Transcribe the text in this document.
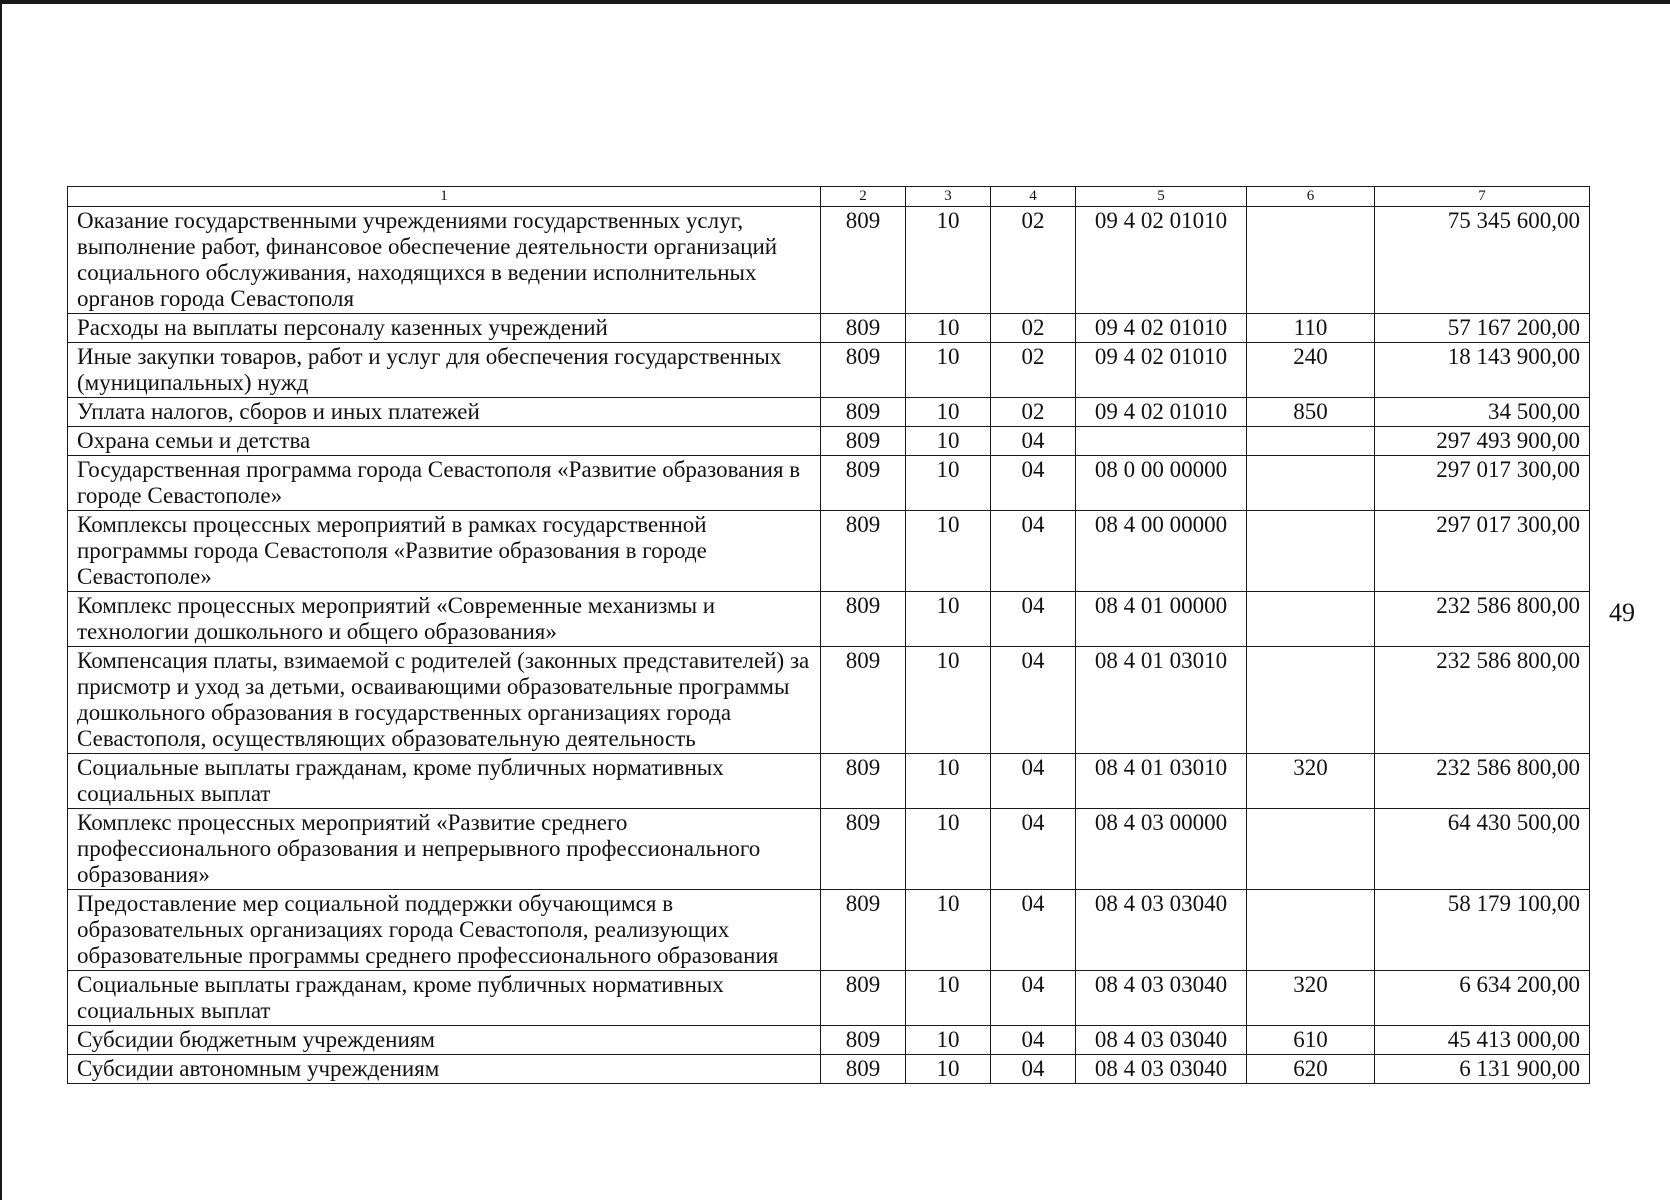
49
1	2	3	4	5	6	7
Оказание государственными учреждениями государственных услуг, выполнение работ, финансовое обеспечение деятельности организаций социального обслуживания, находящихся в ведении исполнительных органов города Севастополя	809	10	02	09 4 02 01010		75 345 600,00
Расходы на выплаты персоналу казенных учреждений	809	10	02	09 4 02 01010	110	57 167 200,00
Иные закупки товаров, работ и услуг для обеспечения государственных (муниципальных) нужд	809	10	02	09 4 02 01010	240	18 143 900,00
Уплата налогов, сборов и иных платежей	809	10	02	09 4 02 01010	850	34 500,00
Охрана семьи и детства	809	10	04			297 493 900,00
Государственная программа города Севастополя «Развитие образования в городе Севастополе»	809	10	04	08 0 00 00000		297 017 300,00
Комплексы процессных мероприятий в рамках государственной программы города Севастополя «Развитие образования в городе Севастополе»	809	10	04	08 4 00 00000		297 017 300,00
Комплекс процессных мероприятий «Современные механизмы и технологии дошкольного и общего образования»	809	10	04	08 4 01 00000		232 586 800,00
Компенсация платы, взимаемой с родителей (законных представителей) за присмотр и уход за детьми, осваивающими образовательные программы дошкольного образования в государственных организациях города Севастополя, осуществляющих образовательную деятельность	809	10	04	08 4 01 03010		232 586 800,00
Социальные выплаты гражданам, кроме публичных нормативных социальных выплат	809	10	04	08 4 01 03010	320	232 586 800,00
Комплекс процессных мероприятий «Развитие среднего профессионального образования и непрерывного профессионального образования»	809	10	04	08 4 03 00000		64 430 500,00
Предоставление мер социальной поддержки обучающимся в образовательных организациях города Севастополя, реализующих образовательные программы среднего профессионального образования	809	10	04	08 4 03 03040		58 179 100,00
Социальные выплаты гражданам, кроме публичных нормативных социальных выплат	809	10	04	08 4 03 03040	320	6 634 200,00
Субсидии бюджетным учреждениям	809	10	04	08 4 03 03040	610	45 413 000,00
Субсидии автономным учреждениям	809	10	04	08 4 03 03040	620	6 131 900,00
